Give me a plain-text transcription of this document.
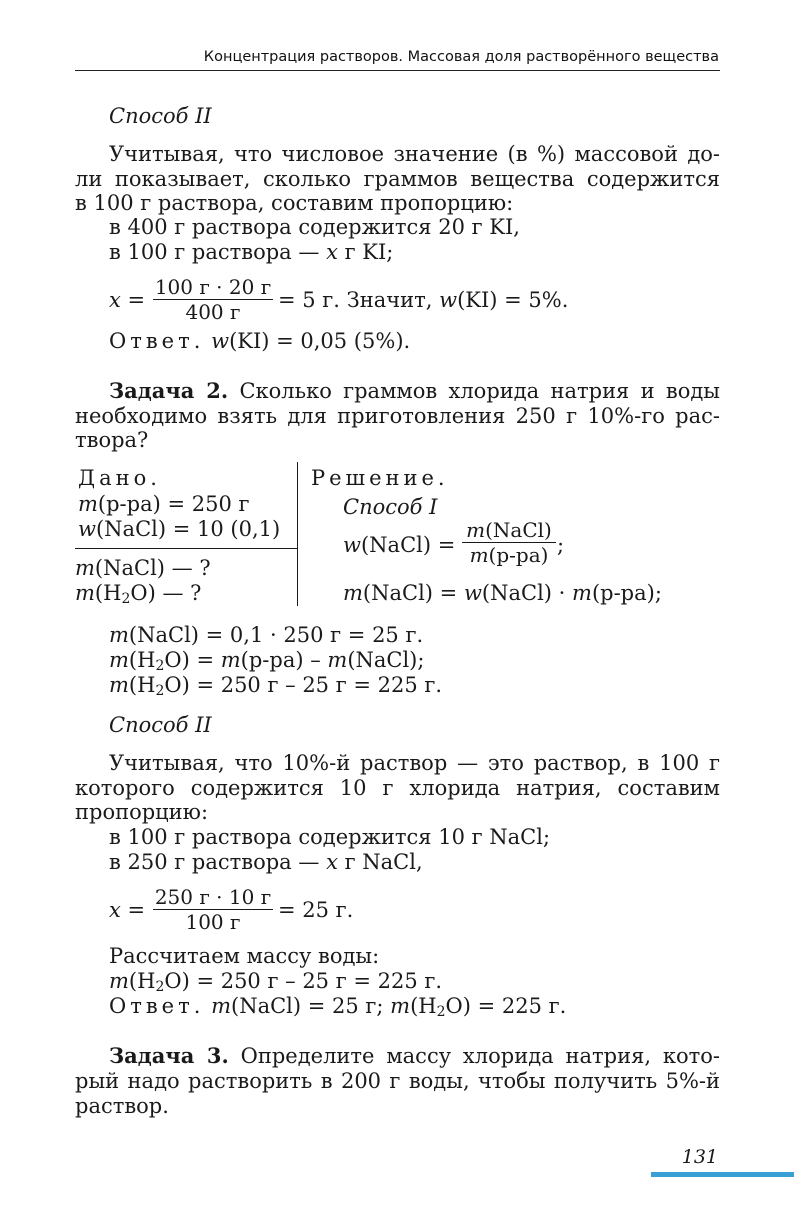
Концентрация растворов. Массовая доля растворённого вещества
Способ II
Учитывая, что числовое значение (в %) массовой до-
ли показывает, сколько граммов вещества содержится
в 100 г раствора, составим пропорцию:
в 400 г раствора содержится 20 г KI,
в 100 г раствора — x г KI;
x =
100 г · 20 г
400 г	= 5 г. Значит, w(KI) = 5%.
Ответ. w(KI) = 0,05 (5%).
Задача 2. Сколько граммов хлорида натрия и воды
необходимо взять для приготовления 250 г 10%-го рас-
твора?
Дано.
m(р-ра) = 250 г
w(NaCl) = 10 (0,1)
m(NaCl) — ?
$m(H_2O)$ — ?
Решение.
Способ I
w(NaCl) =
m(NaCl)
m(р-ра) ;
m(NaCl) = w(NaCl) · m(р-ра);
m(NaCl) = 0,1 · 250 г = 25 г.
$m(H_2O) = m(р-ра)$ – m(NaCl);
$m(H_2O) = 250$ г – 25 г = 225 г.
Способ II
Учитывая, что 10%-й раствор — это раствор, в 100 г
которого содержится 10 г хлорида натрия, составим
пропорцию:
в 100 г раствора содержится 10 г NaCl;
в 250 г раствора — x г NaCl,
x =
250 г · 10 г
100 г	= 25 г.
Рассчитаем массу воды:
$m(H_2O) = 250$ г – 25 г = 225 г.
Ответ. m(NaCl) = 25 г; $m(H_2O) = 225$ г.
Задача 3. Определите массу хлорида натрия, кото-
рый надо растворить в 200 г воды, чтобы получить 5%-й
раствор.
131
